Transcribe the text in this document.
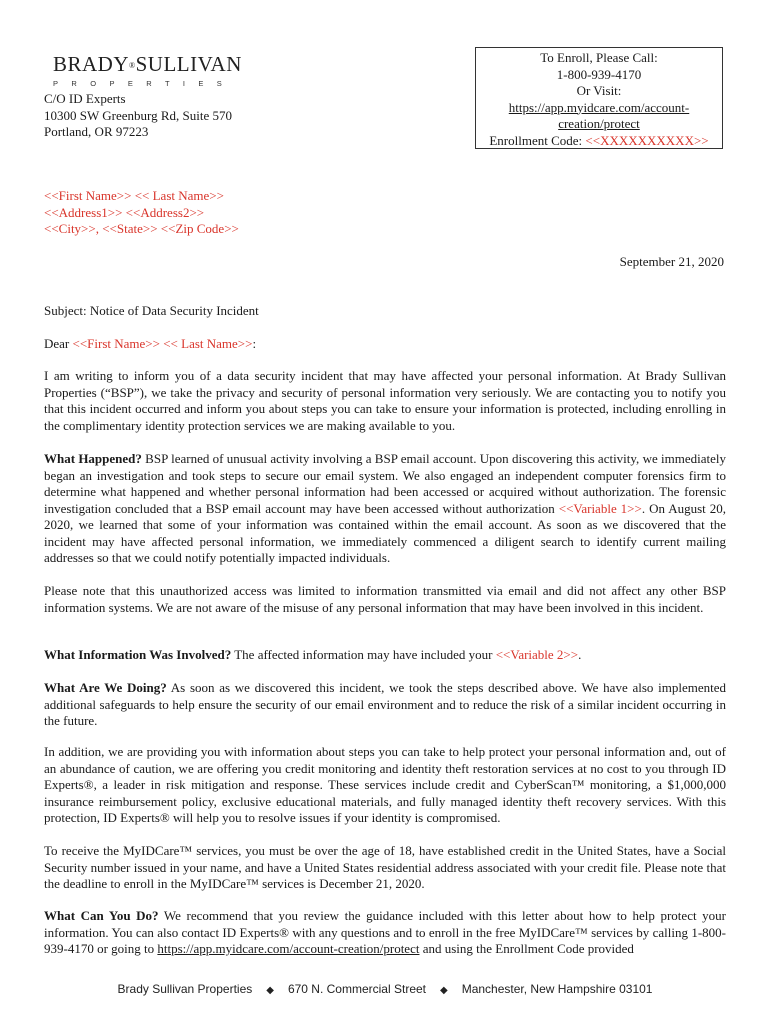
BRADY®SULLIVAN
PROPERTIES
C/O ID Experts
10300 SW Greenburg Rd, Suite 570
Portland, OR 97223
To Enroll, Please Call:
1-800-939-4170
Or Visit:
https://app.myidcare.com/account-
creation/protect
Enrollment Code: <<XXXXXXXXXX>>
<<First Name>> << Last Name>>
<<Address1>> <<Address2>>
<<City>>, <<State>> <<Zip Code>>
September 21, 2020
Subject: Notice of Data Security Incident
Dear <<First Name>> << Last Name>>:

I am writing to inform you of a data security incident that may have affected your personal information. At Brady Sullivan Properties (“BSP”), we take the privacy and security of personal information very seriously. We are contacting you to notify you that this incident occurred and inform you about steps you can take to ensure your information is protected, including enrolling in the complimentary identity protection services we are making available to you.

What Happened? BSP learned of unusual activity involving a BSP email account. Upon discovering this activity, we immediately began an investigation and took steps to secure our email system. We also engaged an independent computer forensics firm to determine what happened and whether personal information had been accessed or acquired without authorization. The forensic investigation concluded that a BSP email account may have been accessed without authorization <<Variable 1>>. On August 20, 2020, we learned that some of your information was contained within the email account. As soon as we discovered that the incident may have affected personal information, we immediately commenced a diligent search to identify current mailing addresses so that we could notify potentially impacted individuals.

Please note that this unauthorized access was limited to information transmitted via email and did not affect any other BSP information systems. We are not aware of the misuse of any personal information that may have been involved in this incident.

What Information Was Involved? The affected information may have included your <<Variable 2>>.

What Are We Doing? As soon as we discovered this incident, we took the steps described above. We have also implemented additional safeguards to help ensure the security of our email environment and to reduce the risk of a similar incident occurring in the future.

In addition, we are providing you with information about steps you can take to help protect your personal information and, out of an abundance of caution, we are offering you credit monitoring and identity theft restoration services at no cost to you through ID Experts®, a leader in risk mitigation and response. These services include credit and CyberScan™ monitoring, a $1,000,000 insurance reimbursement policy, exclusive educational materials, and fully managed identity theft recovery services. With this protection, ID Experts® will help you to resolve issues if your identity is compromised.

To receive the MyIDCare™ services, you must be over the age of 18, have established credit in the United States, have a Social Security number issued in your name, and have a United States residential address associated with your credit file. Please note that the deadline to enroll in the MyIDCare™ services is December 21, 2020.

What Can You Do? We recommend that you review the guidance included with this letter about how to help protect your information. You can also contact ID Experts® with any questions and to enroll in the free MyIDCare™ services by calling 1-800-939-4170 or going to https://app.myidcare.com/account-creation/protect and using the Enrollment Code provided

Brady Sullivan Properties ◆ 670 N. Commercial Street ◆ Manchester, New Hampshire 03101
